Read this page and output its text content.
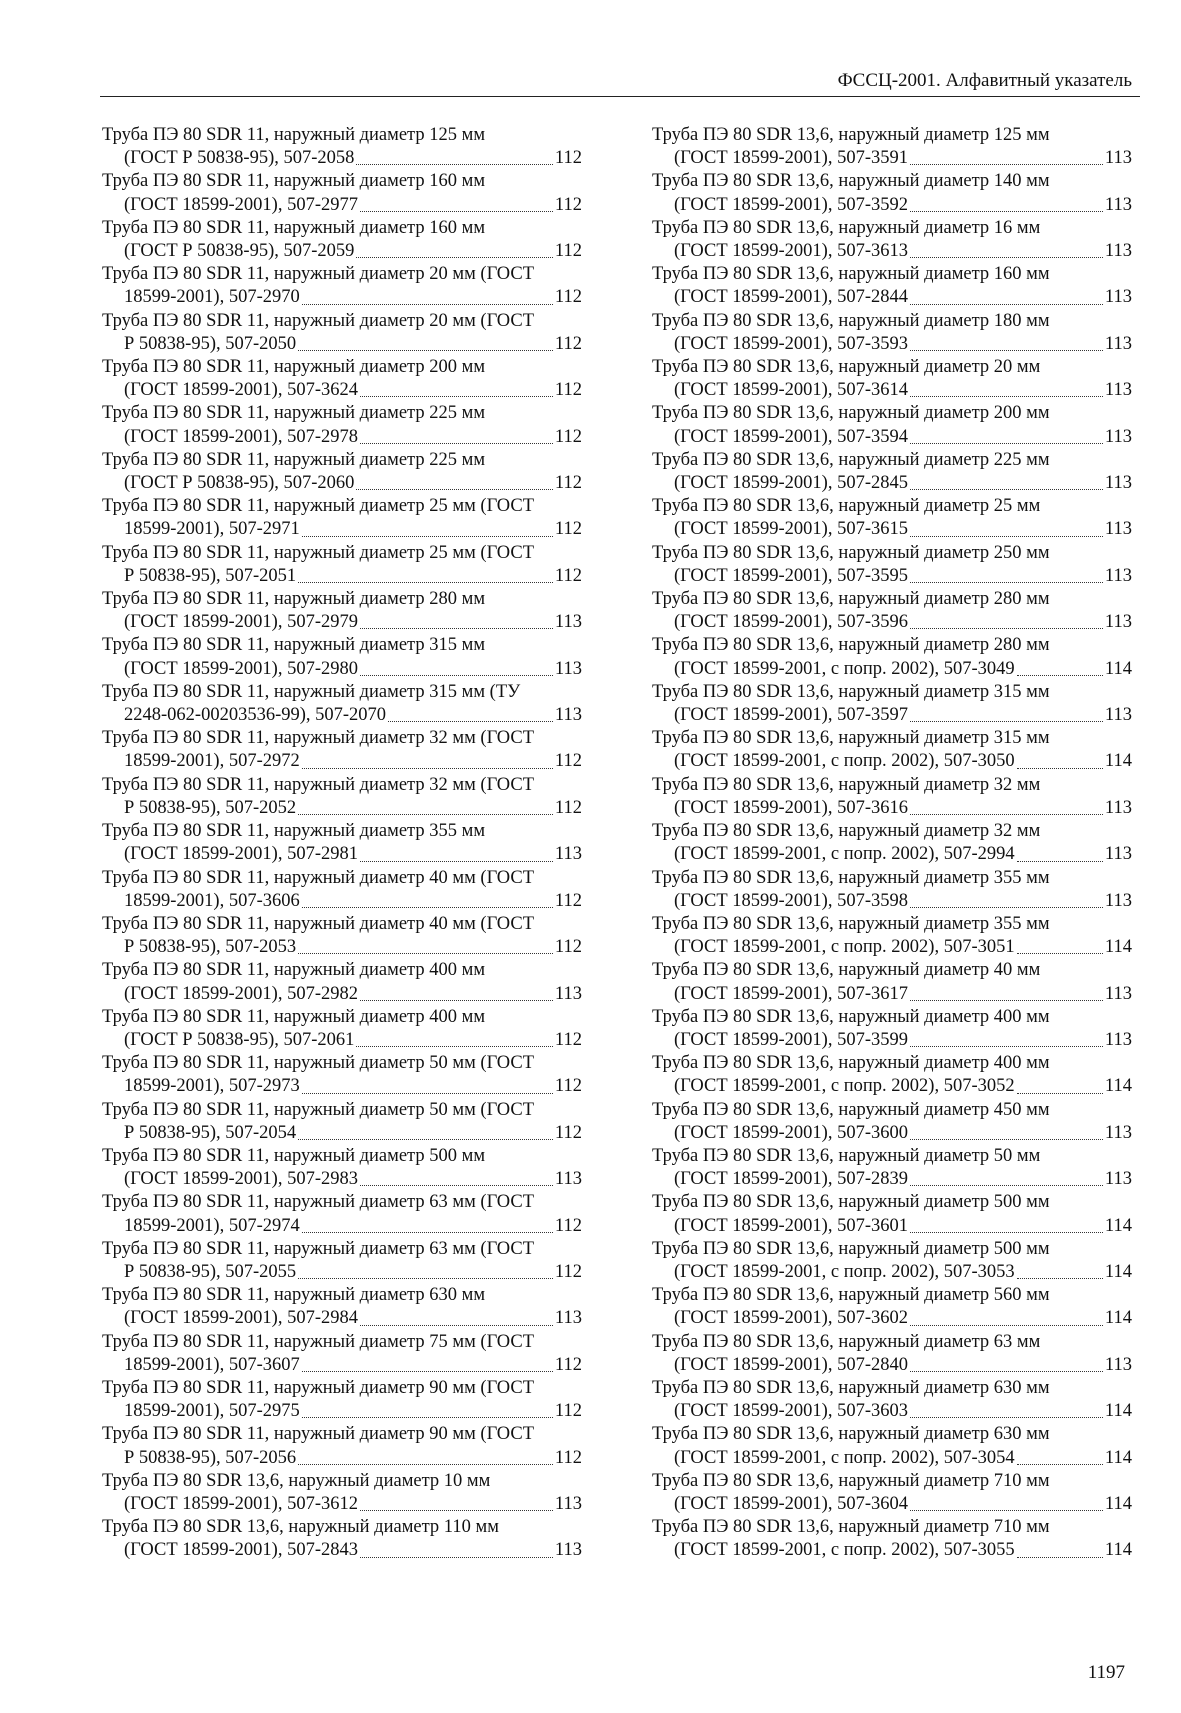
ФССЦ-2001. Алфавитный указатель
Труба ПЭ 80 SDR 11, наружный диаметр 125 мм
(ГОСТ Р 50838-95), 507-2058	112
Труба ПЭ 80 SDR 11, наружный диаметр 160 мм
(ГОСТ 18599-2001), 507-2977	112
Труба ПЭ 80 SDR 11, наружный диаметр 160 мм
(ГОСТ Р 50838-95), 507-2059	112
Труба ПЭ 80 SDR 11, наружный диаметр 20 мм (ГОСТ
18599-2001), 507-2970	112
Труба ПЭ 80 SDR 11, наружный диаметр 20 мм (ГОСТ
Р 50838-95), 507-2050	112
Труба ПЭ 80 SDR 11, наружный диаметр 200 мм
(ГОСТ 18599-2001), 507-3624	112
Труба ПЭ 80 SDR 11, наружный диаметр 225 мм
(ГОСТ 18599-2001), 507-2978	112
Труба ПЭ 80 SDR 11, наружный диаметр 225 мм
(ГОСТ Р 50838-95), 507-2060	112
Труба ПЭ 80 SDR 11, наружный диаметр 25 мм (ГОСТ
18599-2001), 507-2971	112
Труба ПЭ 80 SDR 11, наружный диаметр 25 мм (ГОСТ
Р 50838-95), 507-2051	112
Труба ПЭ 80 SDR 11, наружный диаметр 280 мм
(ГОСТ 18599-2001), 507-2979	113
Труба ПЭ 80 SDR 11, наружный диаметр 315 мм
(ГОСТ 18599-2001), 507-2980	113
Труба ПЭ 80 SDR 11, наружный диаметр 315 мм (ТУ
2248-062-00203536-99), 507-2070	113
Труба ПЭ 80 SDR 11, наружный диаметр 32 мм (ГОСТ
18599-2001), 507-2972	112
Труба ПЭ 80 SDR 11, наружный диаметр 32 мм (ГОСТ
Р 50838-95), 507-2052	112
Труба ПЭ 80 SDR 11, наружный диаметр 355 мм
(ГОСТ 18599-2001), 507-2981	113
Труба ПЭ 80 SDR 11, наружный диаметр 40 мм (ГОСТ
18599-2001), 507-3606	112
Труба ПЭ 80 SDR 11, наружный диаметр 40 мм (ГОСТ
Р 50838-95), 507-2053	112
Труба ПЭ 80 SDR 11, наружный диаметр 400 мм
(ГОСТ 18599-2001), 507-2982	113
Труба ПЭ 80 SDR 11, наружный диаметр 400 мм
(ГОСТ Р 50838-95), 507-2061	112
Труба ПЭ 80 SDR 11, наружный диаметр 50 мм (ГОСТ
18599-2001), 507-2973	112
Труба ПЭ 80 SDR 11, наружный диаметр 50 мм (ГОСТ
Р 50838-95), 507-2054	112
Труба ПЭ 80 SDR 11, наружный диаметр 500 мм
(ГОСТ 18599-2001), 507-2983	113
Труба ПЭ 80 SDR 11, наружный диаметр 63 мм (ГОСТ
18599-2001), 507-2974	112
Труба ПЭ 80 SDR 11, наружный диаметр 63 мм (ГОСТ
Р 50838-95), 507-2055	112
Труба ПЭ 80 SDR 11, наружный диаметр 630 мм
(ГОСТ 18599-2001), 507-2984	113
Труба ПЭ 80 SDR 11, наружный диаметр 75 мм (ГОСТ
18599-2001), 507-3607	112
Труба ПЭ 80 SDR 11, наружный диаметр 90 мм (ГОСТ
18599-2001), 507-2975	112
Труба ПЭ 80 SDR 11, наружный диаметр 90 мм (ГОСТ
Р 50838-95), 507-2056	112
Труба ПЭ 80 SDR 13,6, наружный диаметр 10 мм
(ГОСТ 18599-2001), 507-3612	113
Труба ПЭ 80 SDR 13,6, наружный диаметр 110 мм
(ГОСТ 18599-2001), 507-2843	113
Труба ПЭ 80 SDR 13,6, наружный диаметр 125 мм
(ГОСТ 18599-2001), 507-3591	113
Труба ПЭ 80 SDR 13,6, наружный диаметр 140 мм
(ГОСТ 18599-2001), 507-3592	113
Труба ПЭ 80 SDR 13,6, наружный диаметр 16 мм
(ГОСТ 18599-2001), 507-3613	113
Труба ПЭ 80 SDR 13,6, наружный диаметр 160 мм
(ГОСТ 18599-2001), 507-2844	113
Труба ПЭ 80 SDR 13,6, наружный диаметр 180 мм
(ГОСТ 18599-2001), 507-3593	113
Труба ПЭ 80 SDR 13,6, наружный диаметр 20 мм
(ГОСТ 18599-2001), 507-3614	113
Труба ПЭ 80 SDR 13,6, наружный диаметр 200 мм
(ГОСТ 18599-2001), 507-3594	113
Труба ПЭ 80 SDR 13,6, наружный диаметр 225 мм
(ГОСТ 18599-2001), 507-2845	113
Труба ПЭ 80 SDR 13,6, наружный диаметр 25 мм
(ГОСТ 18599-2001), 507-3615	113
Труба ПЭ 80 SDR 13,6, наружный диаметр 250 мм
(ГОСТ 18599-2001), 507-3595	113
Труба ПЭ 80 SDR 13,6, наружный диаметр 280 мм
(ГОСТ 18599-2001), 507-3596	113
Труба ПЭ 80 SDR 13,6, наружный диаметр 280 мм
(ГОСТ 18599-2001, с попр. 2002), 507-3049	114
Труба ПЭ 80 SDR 13,6, наружный диаметр 315 мм
(ГОСТ 18599-2001), 507-3597	113
Труба ПЭ 80 SDR 13,6, наружный диаметр 315 мм
(ГОСТ 18599-2001, с попр. 2002), 507-3050	114
Труба ПЭ 80 SDR 13,6, наружный диаметр 32 мм
(ГОСТ 18599-2001), 507-3616	113
Труба ПЭ 80 SDR 13,6, наружный диаметр 32 мм
(ГОСТ 18599-2001, с попр. 2002), 507-2994	113
Труба ПЭ 80 SDR 13,6, наружный диаметр 355 мм
(ГОСТ 18599-2001), 507-3598	113
Труба ПЭ 80 SDR 13,6, наружный диаметр 355 мм
(ГОСТ 18599-2001, с попр. 2002), 507-3051	114
Труба ПЭ 80 SDR 13,6, наружный диаметр 40 мм
(ГОСТ 18599-2001), 507-3617	113
Труба ПЭ 80 SDR 13,6, наружный диаметр 400 мм
(ГОСТ 18599-2001), 507-3599	113
Труба ПЭ 80 SDR 13,6, наружный диаметр 400 мм
(ГОСТ 18599-2001, с попр. 2002), 507-3052	114
Труба ПЭ 80 SDR 13,6, наружный диаметр 450 мм
(ГОСТ 18599-2001), 507-3600	113
Труба ПЭ 80 SDR 13,6, наружный диаметр 50 мм
(ГОСТ 18599-2001), 507-2839	113
Труба ПЭ 80 SDR 13,6, наружный диаметр 500 мм
(ГОСТ 18599-2001), 507-3601	114
Труба ПЭ 80 SDR 13,6, наружный диаметр 500 мм
(ГОСТ 18599-2001, с попр. 2002), 507-3053	114
Труба ПЭ 80 SDR 13,6, наружный диаметр 560 мм
(ГОСТ 18599-2001), 507-3602	114
Труба ПЭ 80 SDR 13,6, наружный диаметр 63 мм
(ГОСТ 18599-2001), 507-2840	113
Труба ПЭ 80 SDR 13,6, наружный диаметр 630 мм
(ГОСТ 18599-2001), 507-3603	114
Труба ПЭ 80 SDR 13,6, наружный диаметр 630 мм
(ГОСТ 18599-2001, с попр. 2002), 507-3054	114
Труба ПЭ 80 SDR 13,6, наружный диаметр 710 мм
(ГОСТ 18599-2001), 507-3604	114
Труба ПЭ 80 SDR 13,6, наружный диаметр 710 мм
(ГОСТ 18599-2001, с попр. 2002), 507-3055	114
1197
